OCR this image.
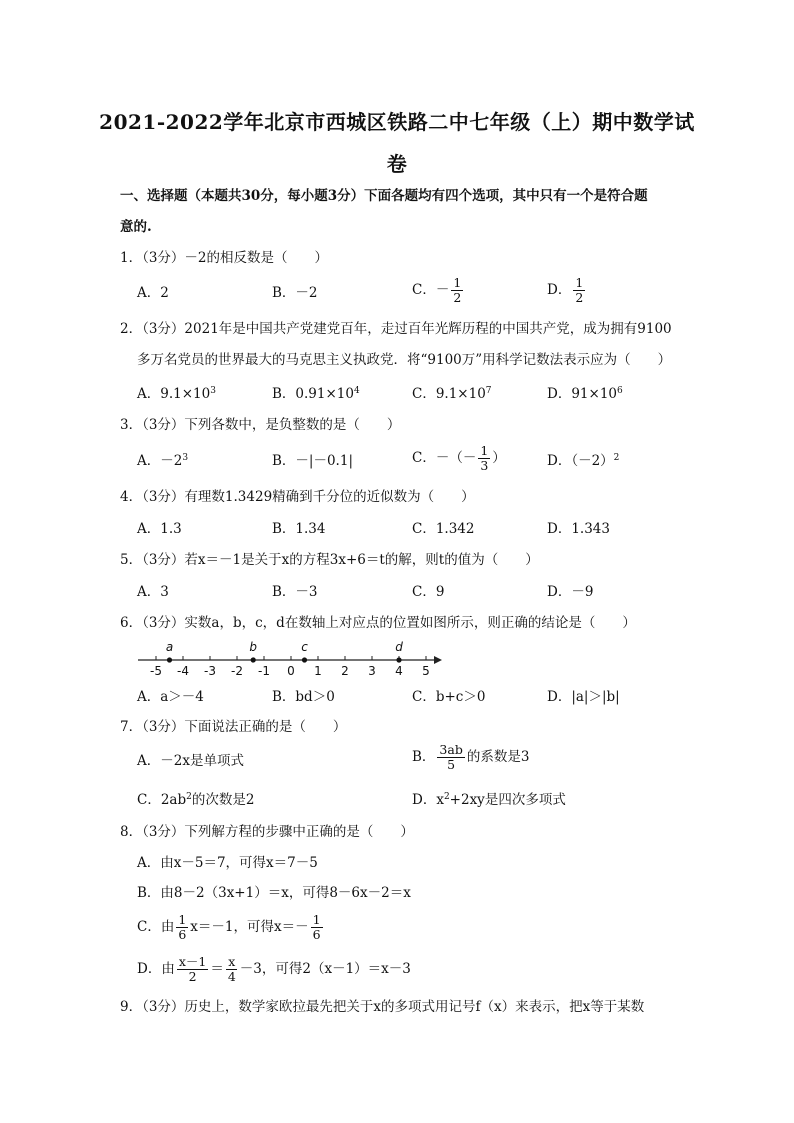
2021-2022学年北京市西城区铁路二中七年级（上）期中数学试
卷
一、选择题（本题共30分，每小题3分）下面各题均有四个选项，其中只有一个是符合题
意的.
1．（3分）－2的相反数是（　　）
A．2	B．－2	C．－ $\frac{1}{2}$	D． $\frac{1}{2}$
2．（3分）2021年是中国共产党建党百年，走过百年光辉历程的中国共产党，成为拥有9100
多万名党员的世界最大的马克思主义执政党．将“9100万”用科学记数法表示应为（　　）
A．$9.1\times 10^3$	B．$0.91\times 10^4$	C．$9.1\times 10^7$	D．$91\times 10^6$
3．（3分）下列各数中，是负整数的是（　　）
A．$-2^3$	B．－|－0.1|	C．－（－ $\frac{1}{3}$ ）	D．$(-2)^2$
4．（3分）有理数1.3429精确到千分位的近似数为（　　）
A．1.3	B．1.34	C．1.342	D．1.343
5．（3分）若x＝－1是关于x的方程3x+6＝t的解，则t的值为（　　）
A．3	B．－3	C．9	D．－9
6．（3分）实数a，b，c，d在数轴上对应点的位置如图所示，则正确的结论是（　　）
-5 -4 -3 -2 -1 0 1 2 3 4 5
a	b	c	d
A．a＞－4	B．bd＞0	C．b+c＞0	D．|a|＞|b|
7．（3分）下面说法正确的是（　　）
A．－2x是单项式	B． $\frac{3ab}{5}$ 的系数是3
C．$2ab^2$的次数是2	D．$x^2+2xy$是四次多项式
8．（3分）下列解方程的步骤中正确的是（　　）
A．由x－5＝7，可得x＝7－5
B．由8－2（3x+1）＝x，可得8－6x－2＝x
C．由 $\frac{1}{6} x=-1$，可得$x=- \frac{1}{6}$
D．由 $\frac{x-1}{2} = \frac{x}{4} -3$，可得2（x－1）＝x－3
9．（3分）历史上，数学家欧拉最先把关于x的多项式用记号f（x）来表示，把x等于某数
